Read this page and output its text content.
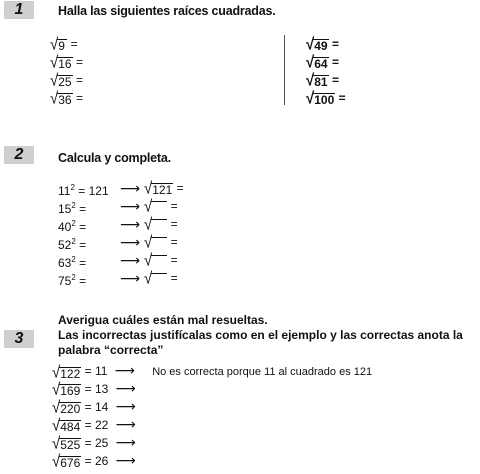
1	Halla las siguientes raíces cuadradas.
√ 9 =
√ 16 =
√ 25 =
√ 36 =
√ 49 =
√ 64 =
√ 81 =
√ 100 =
2	Calcula y completa.
$11^2 = 121$ ⟶ √ 121 =
$15^2$ = ⟶ √ =
$40^2$ = ⟶ √ =
$52^2$ = ⟶ √ =
$63^2$ = ⟶ √ =
$75^2$ = ⟶ √ =
Averigua cuáles están mal resueltas.
3	Las incorrectas justifícalas como en el ejemplo y las correctas anota la
palabra “correcta”
√ 122 = 11 ⟶ No es correcta porque 11 al cuadrado es 121
√ 169 = 13 ⟶
√ 220 = 14 ⟶
√ 484 = 22 ⟶
√ 525 = 25 ⟶
√ 676 = 26 ⟶
